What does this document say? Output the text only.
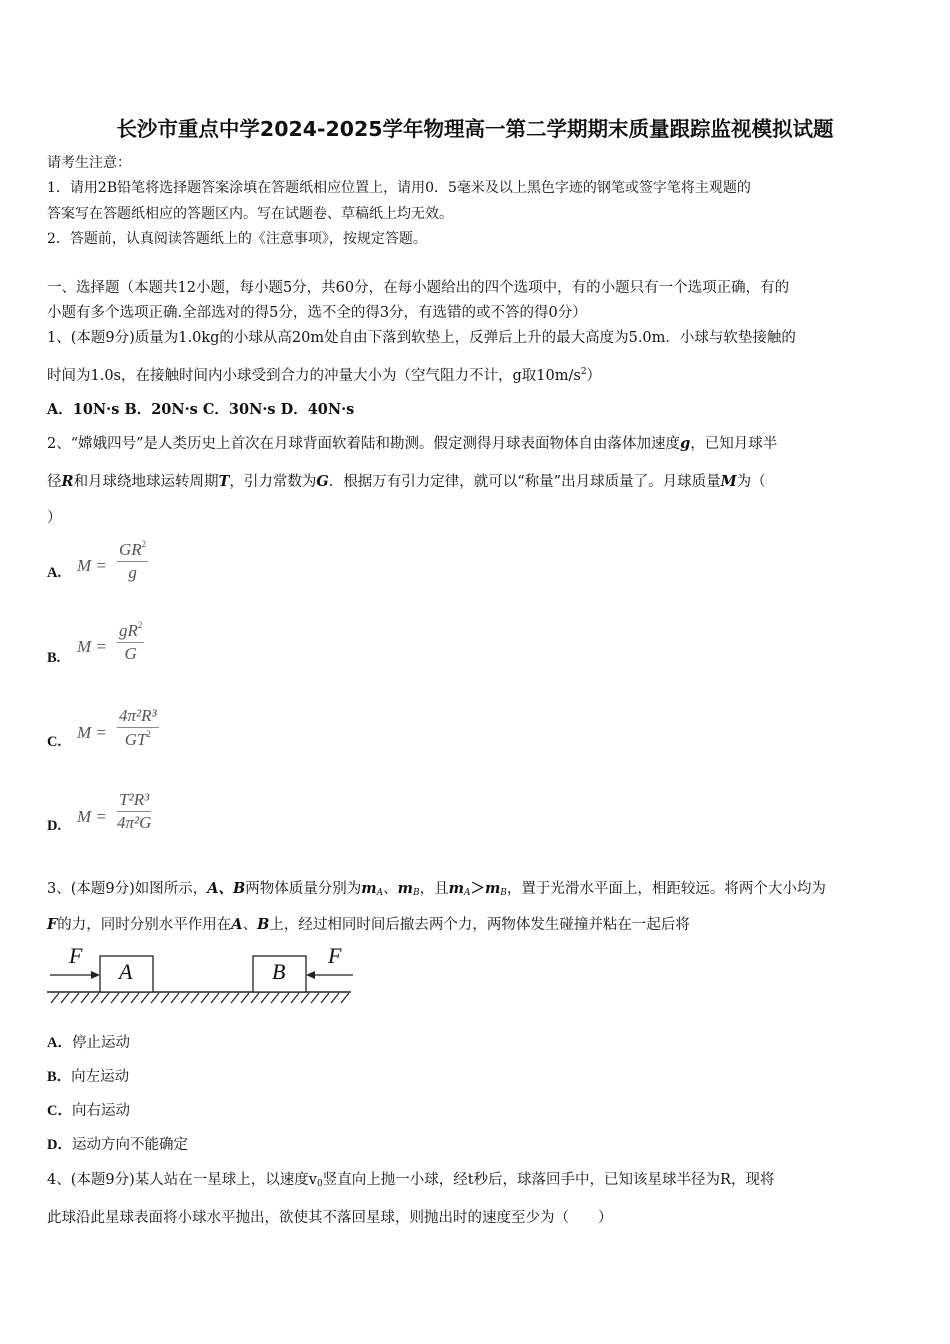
长沙市重点中学2024-2025学年物理高一第二学期期末质量跟踪监视模拟试题
请考生注意：
1．请用2B铅笔将选择题答案涂填在答题纸相应位置上，请用0．5毫米及以上黑色字迹的钢笔或签字笔将主观题的
答案写在答题纸相应的答题区内。写在试题卷、草稿纸上均无效。
2．答题前，认真阅读答题纸上的《注意事项》，按规定答题。
一、选择题（本题共12小题，每小题5分，共60分，在每小题给出的四个选项中，有的小题只有一个选项正确，有的
小题有多个选项正确.全部选对的得5分，选不全的得3分，有选错的或不答的得0分）
1、(本题9分)质量为1.0kg的小球从高20m处自由下落到软垫上，反弹后上升的最大高度为5.0m．小球与软垫接触的
时间为1.0s，在接触时间内小球受到合力的冲量大小为（空气阻力不计，g取$10m/s^2$）
A．10N·s B．20N·s C．30N·s D．40N·s
2、“嫦娥四号”是人类历史上首次在月球背面软着陆和勘测。假定测得月球表面物体自由落体加速度g，已知月球半
径R和月球绕地球运转周期T，引力常数为G．根据万有引力定律，就可以“称量”出月球质量了。月球质量M为（
）
A. $M = \frac{GR^2}{g}$
B.
$M = \frac{gR^2}{G}$
C. $M = \frac{\text{4π²R³}}{GT^2}$
D. $M = \frac{\text{T²R³}}{\text{4π²G}}$
3、(本题9分)如图所示，A、B两物体质量分别为$m_A$、$m_B$，且$m_A>m_B$，置于光滑水平面上，相距较远。将两个大小均为
F的力，同时分别水平作用在A、B上，经过相同时间后撤去两个力，两物体发生碰撞并粘在一起后将
F
A	B
F
A．停止运动
B．向左运动
C．向右运动
D．运动方向不能确定
4、(本题9分)某人站在一星球上，以速度$v_0$竖直向上抛一小球，经t秒后，球落回手中，已知该星球半径为R，现将
此球沿此星球表面将小球水平抛出，欲使其不落回星球，则抛出时的速度至少为（　　）
